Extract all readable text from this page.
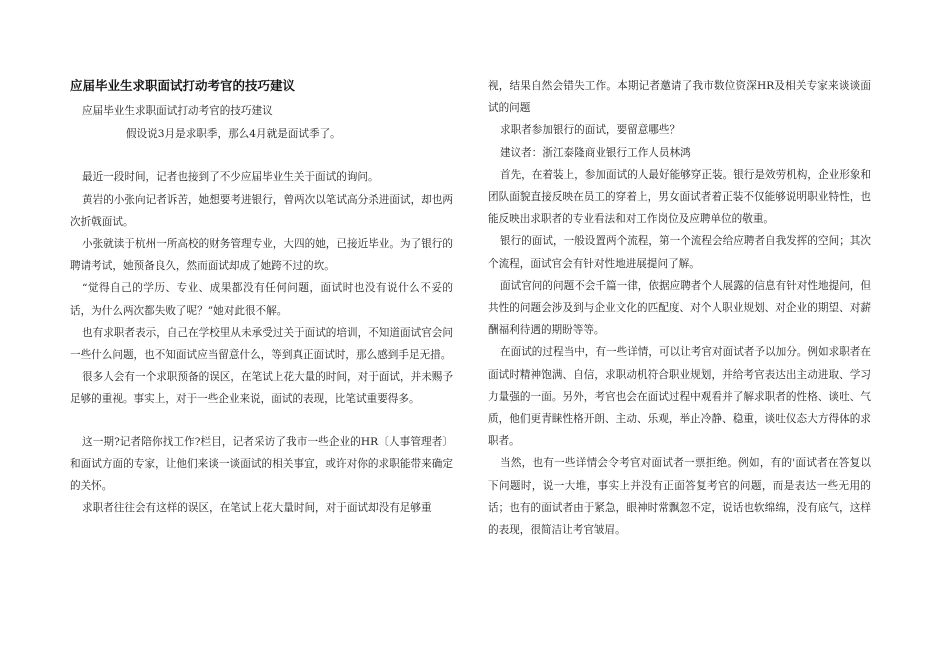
应届毕业生求职面试打动考官的技巧建议

应届毕业生求职面试打动考官的技巧建议

假设说3月是求职季，那么4月就是面试季了。

最近一段时间，记者也接到了不少应届毕业生关于面试的询问。

黄岩的小张向记者诉苦，她想要考进银行，曾两次以笔试高分杀进面试，却也两次折戟面试。

小张就读于杭州一所高校的财务管理专业，大四的她，已接近毕业。为了银行的聘请考试，她预备良久，然而面试却成了她跨不过的坎。

“觉得自己的学历、专业、成果都没有任何问题，面试时也没有说什么不妥的话，为什么两次都失败了呢？”她对此很不解。

也有求职者表示，自己在学校里从未承受过关于面试的培训，不知道面试官会问一些什么问题，也不知面试应当留意什么，等到真正面试时，那么感到手足无措。

很多人会有一个求职预备的误区，在笔试上花大量的时间，对于面试，并未赐予足够的重视。事实上，对于一些企业来说，面试的表现，比笔试重要得多。

这一期?记者陪你找工作?栏目，记者采访了我市一些企业的HR〔人事管理者〕和面试方面的专家，让他们来谈一谈面试的相关事宜，或许对你的求职能带来确定的关怀。

求职者往往会有这样的误区，在笔试上花大量时间，对于面试却没有足够重

视，结果自然会错失工作。本期记者邀请了我市数位资深HR及相关专家来谈谈面试的问题

求职者参加银行的面试，要留意哪些？

建议者：浙江泰隆商业银行工作人员林鸿

首先，在着装上，参加面试的人最好能够穿正装。银行是效劳机构，企业形象和团队面貌直接反映在员工的穿着上，男女面试者着正装不仅能够说明职业特性，也能反映出求职者的专业看法和对工作岗位及应聘单位的敬重。

银行的面试，一般设置两个流程，第一个流程会给应聘者自我发挥的空间；其次个流程，面试官会有针对性地进展提问了解。

面试官问的问题不会千篇一律，依据应聘者个人展露的信息有针对性地提问，但共性的问题会涉及到与企业文化的匹配度、对个人职业规划、对企业的期望、对薪酬福利待遇的期盼等等。

在面试的过程当中，有一些详情，可以让考官对面试者予以加分。例如求职者在面试时精神饱满、自信，求职动机符合职业规划，并给考官表达出主动进取、学习力量强的一面。另外，考官也会在面试过程中观看并了解求职者的性格、谈吐、气质，他们更青睐性格开朗、主动、乐观，举止冷静、稳重，谈吐仪态大方得体的求职者。

当然，也有一些详情会令考官对面试者一票拒绝。例如，有的'面试者在答复以下问题时，说一大堆，事实上并没有正面答复考官的问题，而是表达一些无用的话；也有的面试者由于紧急，眼神时常飘忽不定，说话也软绵绵，没有底气，这样的表现，很简洁让考官皱眉。
